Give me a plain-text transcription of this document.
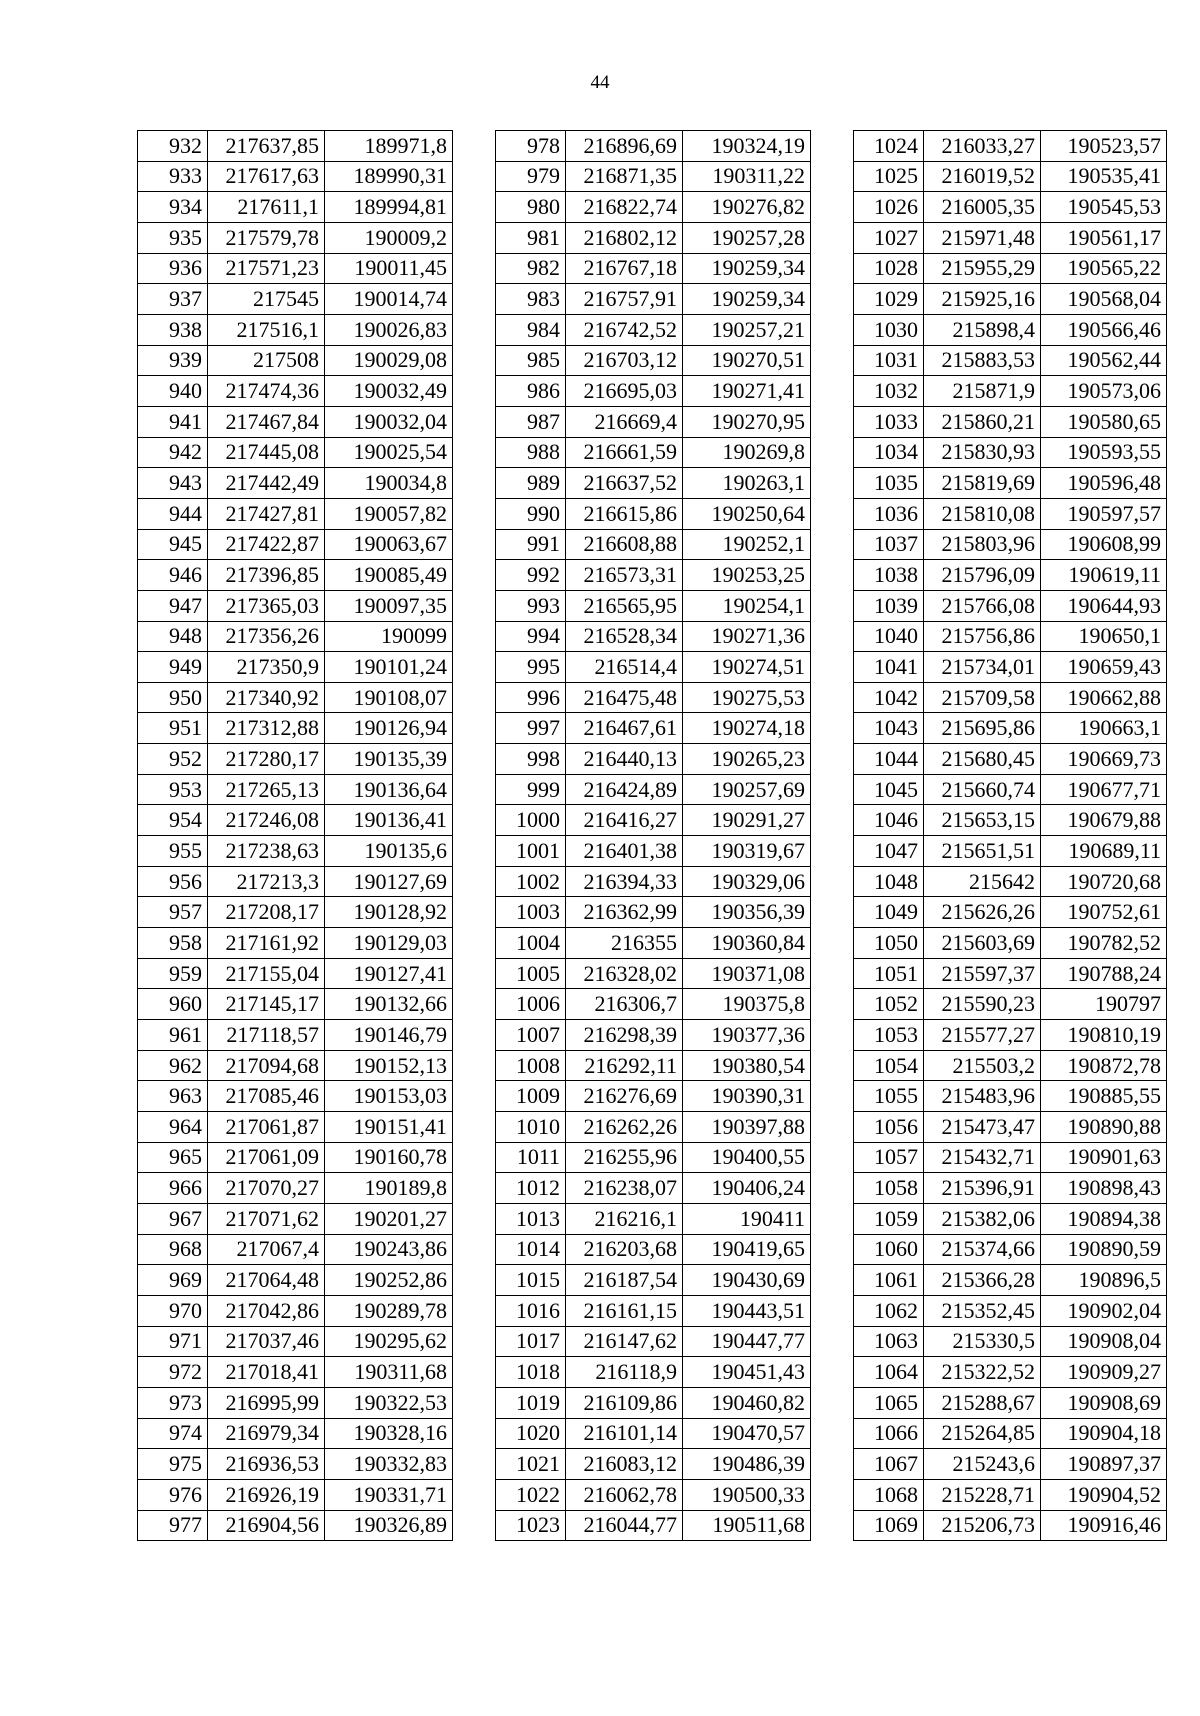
44
932	217637,85	189971,8
933	217617,63	189990,31
934	217611,1	189994,81
935	217579,78	190009,2
936	217571,23	190011,45
937	217545	190014,74
938	217516,1	190026,83
939	217508	190029,08
940	217474,36	190032,49
941	217467,84	190032,04
942	217445,08	190025,54
943	217442,49	190034,8
944	217427,81	190057,82
945	217422,87	190063,67
946	217396,85	190085,49
947	217365,03	190097,35
948	217356,26	190099
949	217350,9	190101,24
950	217340,92	190108,07
951	217312,88	190126,94
952	217280,17	190135,39
953	217265,13	190136,64
954	217246,08	190136,41
955	217238,63	190135,6
956	217213,3	190127,69
957	217208,17	190128,92
958	217161,92	190129,03
959	217155,04	190127,41
960	217145,17	190132,66
961	217118,57	190146,79
962	217094,68	190152,13
963	217085,46	190153,03
964	217061,87	190151,41
965	217061,09	190160,78
966	217070,27	190189,8
967	217071,62	190201,27
968	217067,4	190243,86
969	217064,48	190252,86
970	217042,86	190289,78
971	217037,46	190295,62
972	217018,41	190311,68
973	216995,99	190322,53
974	216979,34	190328,16
975	216936,53	190332,83
976	216926,19	190331,71
977	216904,56	190326,89
978	216896,69	190324,19
979	216871,35	190311,22
980	216822,74	190276,82
981	216802,12	190257,28
982	216767,18	190259,34
983	216757,91	190259,34
984	216742,52	190257,21
985	216703,12	190270,51
986	216695,03	190271,41
987	216669,4	190270,95
988	216661,59	190269,8
989	216637,52	190263,1
990	216615,86	190250,64
991	216608,88	190252,1
992	216573,31	190253,25
993	216565,95	190254,1
994	216528,34	190271,36
995	216514,4	190274,51
996	216475,48	190275,53
997	216467,61	190274,18
998	216440,13	190265,23
999	216424,89	190257,69
1000	216416,27	190291,27
1001	216401,38	190319,67
1002	216394,33	190329,06
1003	216362,99	190356,39
1004	216355	190360,84
1005	216328,02	190371,08
1006	216306,7	190375,8
1007	216298,39	190377,36
1008	216292,11	190380,54
1009	216276,69	190390,31
1010	216262,26	190397,88
1011	216255,96	190400,55
1012	216238,07	190406,24
1013	216216,1	190411
1014	216203,68	190419,65
1015	216187,54	190430,69
1016	216161,15	190443,51
1017	216147,62	190447,77
1018	216118,9	190451,43
1019	216109,86	190460,82
1020	216101,14	190470,57
1021	216083,12	190486,39
1022	216062,78	190500,33
1023	216044,77	190511,68
1024	216033,27	190523,57
1025	216019,52	190535,41
1026	216005,35	190545,53
1027	215971,48	190561,17
1028	215955,29	190565,22
1029	215925,16	190568,04
1030	215898,4	190566,46
1031	215883,53	190562,44
1032	215871,9	190573,06
1033	215860,21	190580,65
1034	215830,93	190593,55
1035	215819,69	190596,48
1036	215810,08	190597,57
1037	215803,96	190608,99
1038	215796,09	190619,11
1039	215766,08	190644,93
1040	215756,86	190650,1
1041	215734,01	190659,43
1042	215709,58	190662,88
1043	215695,86	190663,1
1044	215680,45	190669,73
1045	215660,74	190677,71
1046	215653,15	190679,88
1047	215651,51	190689,11
1048	215642	190720,68
1049	215626,26	190752,61
1050	215603,69	190782,52
1051	215597,37	190788,24
1052	215590,23	190797
1053	215577,27	190810,19
1054	215503,2	190872,78
1055	215483,96	190885,55
1056	215473,47	190890,88
1057	215432,71	190901,63
1058	215396,91	190898,43
1059	215382,06	190894,38
1060	215374,66	190890,59
1061	215366,28	190896,5
1062	215352,45	190902,04
1063	215330,5	190908,04
1064	215322,52	190909,27
1065	215288,67	190908,69
1066	215264,85	190904,18
1067	215243,6	190897,37
1068	215228,71	190904,52
1069	215206,73	190916,46
